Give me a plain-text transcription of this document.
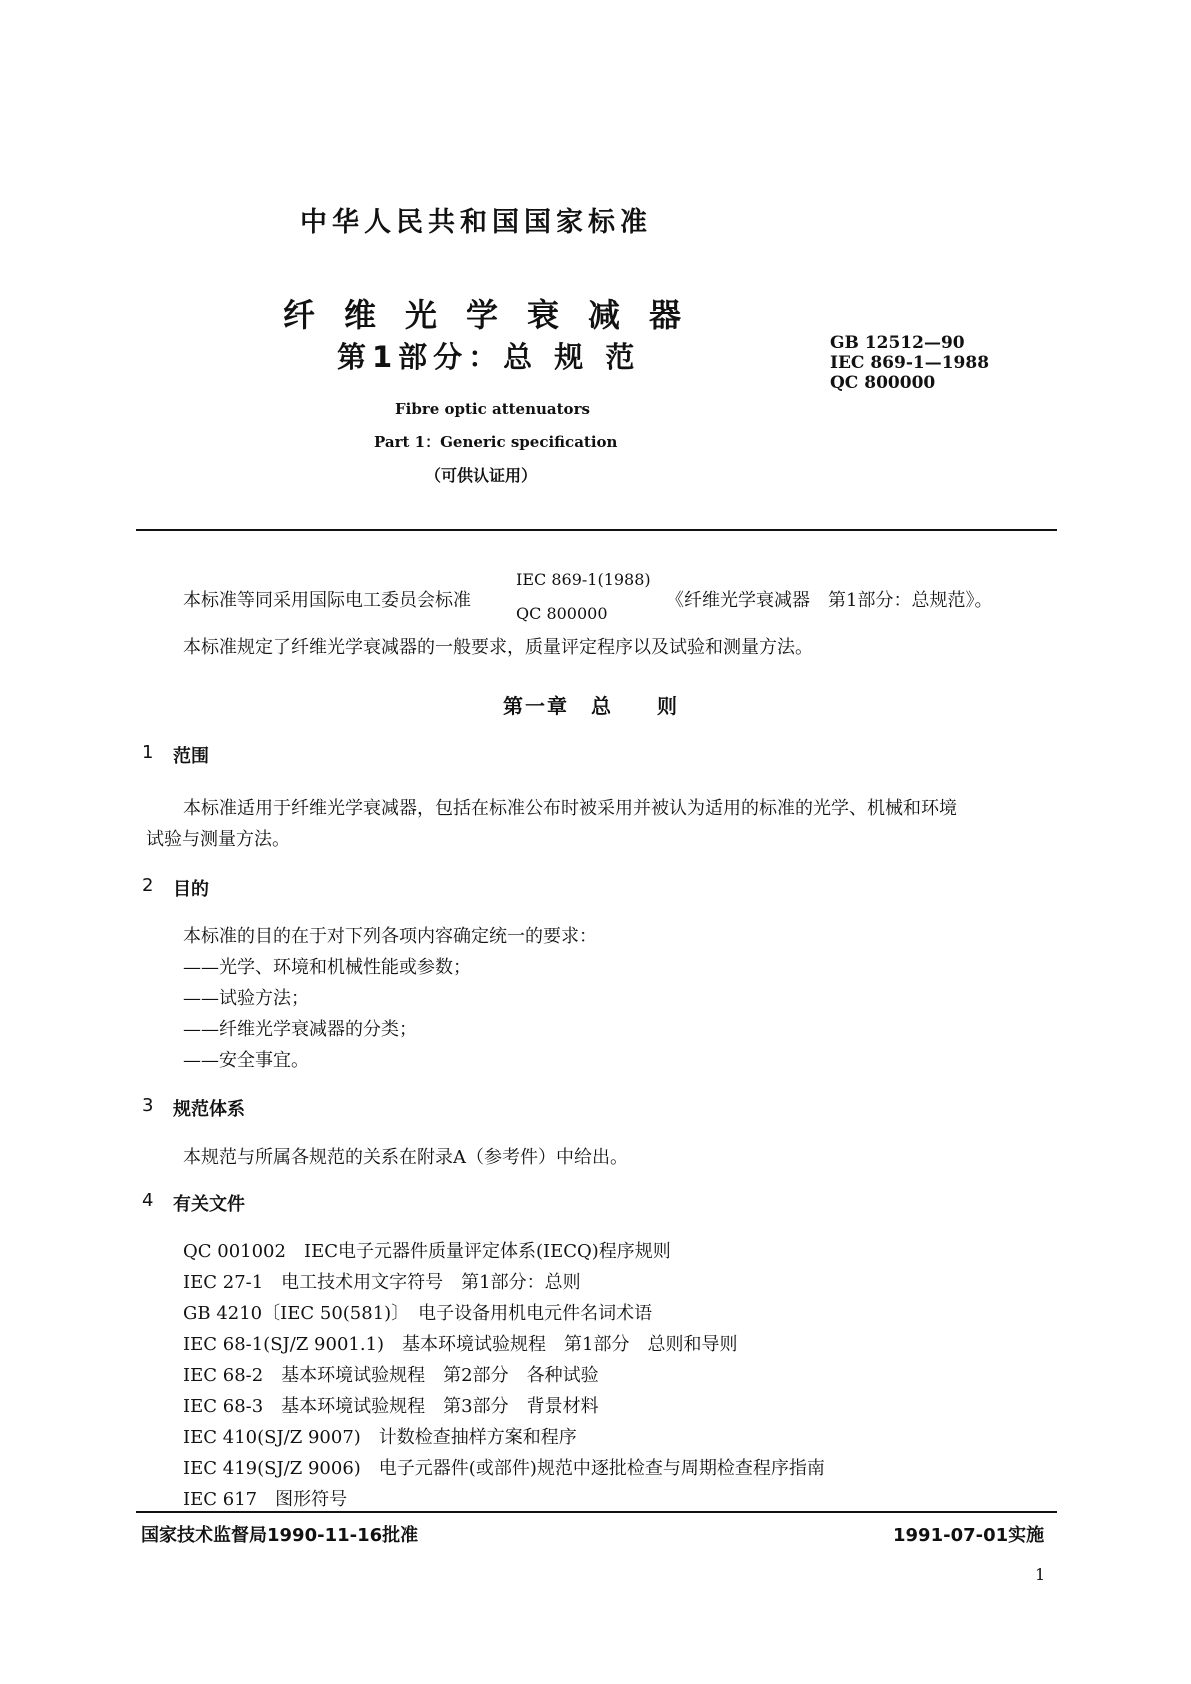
中华人民共和国国家标准
纤维光学衰减器
第1部分：总 规 范	GB 12512—90
IEC 869-1—1988
QC 800000
Fibre optic attenuators
Part 1：Generic specification
（可供认证用）
本标准等同采用国际电工委员会标准
IEC 869-1(1988)
QC 800000
《纤维光学衰减器　第1部分：总规范》。
本标准规定了纤维光学衰减器的一般要求，质量评定程序以及试验和测量方法。
第一章　总　　则
1 范围
本标准适用于纤维光学衰减器，包括在标准公布时被采用并被认为适用的标准的光学、机械和环境
试验与测量方法。
2 目的
本标准的目的在于对下列各项内容确定统一的要求：
——光学、环境和机械性能或参数；
——试验方法；
——纤维光学衰减器的分类；
——安全事宜。
3 规范体系
本规范与所属各规范的关系在附录A（参考件）中给出。
4 有关文件
QC 001002　IEC电子元器件质量评定体系(IECQ)程序规则
IEC 27-1　电工技术用文字符号　第1部分：总则
GB 4210〔IEC 50(581)〕　电子设备用机电元件名词术语
IEC 68-1(SJ/Z 9001.1)　基本环境试验规程　第1部分　总则和导则
IEC 68-2　基本环境试验规程　第2部分　各种试验
IEC 68-3　基本环境试验规程　第3部分　背景材料
IEC 410(SJ/Z 9007)　计数检查抽样方案和程序
IEC 419(SJ/Z 9006)　电子元器件(或部件)规范中逐批检查与周期检查程序指南
IEC 617　图形符号
国家技术监督局1990-11-16批准	1991-07-01实施
1
